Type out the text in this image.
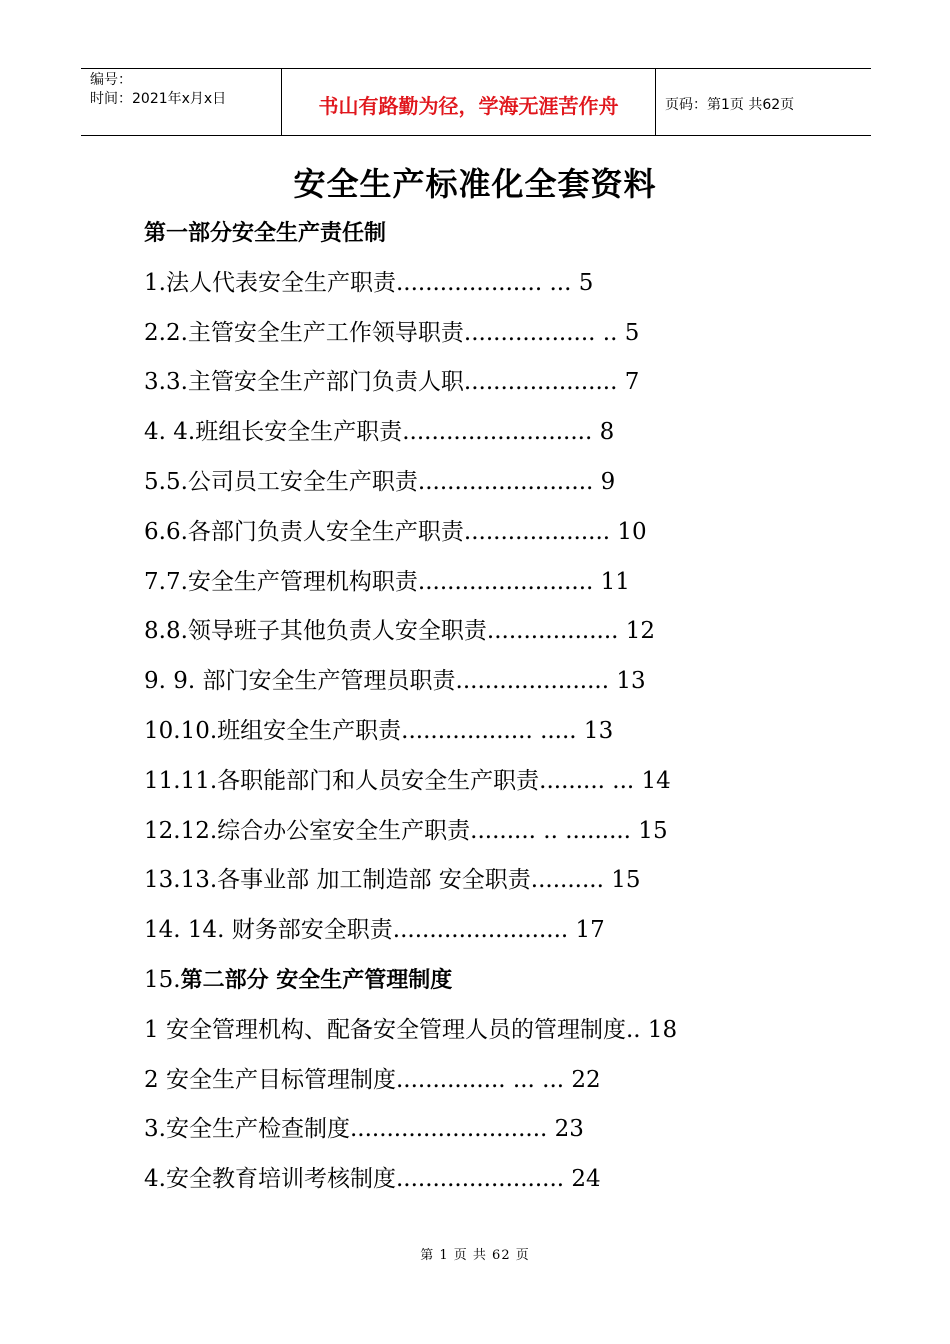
编号：
时间：2021年x月x日	书山有路勤为径，学海无涯苦作舟	页码：第1页 共62页
安全生产标准化全套资料
第一部分安全生产责任制
1.法人代表安全生产职责.................... ... 5
2.2.主管安全生产工作领导职责.................. .. 5
3.3.主管安全生产部门负责人职..................... 7
4. 4.班组长安全生产职责.......................... 8
5.5.公司员工安全生产职责........................ 9
6.6.各部门负责人安全生产职责.................... 10
7.7.安全生产管理机构职责........................ 11
8.8.领导班子其他负责人安全职责.................. 12
9. 9. 部门安全生产管理员职责..................... 13
10.10.班组安全生产职责.................. ..... 13
11.11.各职能部门和人员安全生产职责......... ... 14
12.12.综合办公室安全生产职责......... .. ......... 15
13.13.各事业部 加工制造部 安全职责.......... 15
14. 14. 财务部安全职责........................ 17
15.第二部分 安全生产管理制度
1 安全管理机构、配备安全管理人员的管理制度.. 18
2 安全生产目标管理制度............... ... ... 22
3.安全生产检查制度........................... 23
4.安全教育培训考核制度....................... 24
第 1 页 共 62 页
